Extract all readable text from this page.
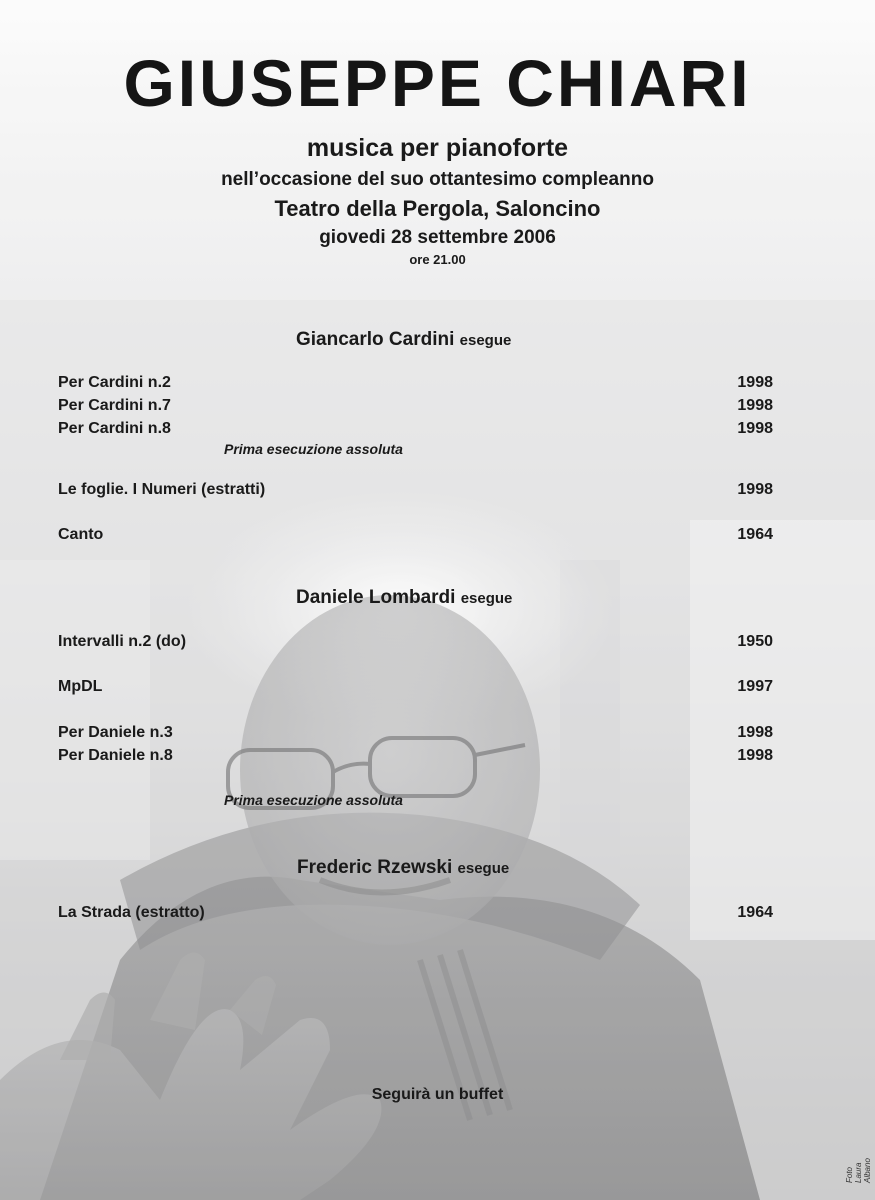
GIUSEPPE CHIARI
musica per pianoforte
nell’occasione del suo ottantesimo compleanno
Teatro della Pergola, Saloncino
giovedi 28 settembre 2006
ore 21.00
Giancarlo Cardini esegue
Per Cardini n.2	1998
Per Cardini n.7	1998
Per Cardini n.8	1998
Prima esecuzione assoluta
Le foglie. I Numeri (estratti)	1998
Canto	1964
Daniele Lombardi esegue
Intervalli n.2 (do)	1950
MpDL	1997
Per Daniele n.3	1998
Per Daniele n.8	1998
Prima esecuzione assoluta
Frederic Rzewski esegue
La Strada (estratto)	1964
Seguirà un buffet
Foto Laura Albano
